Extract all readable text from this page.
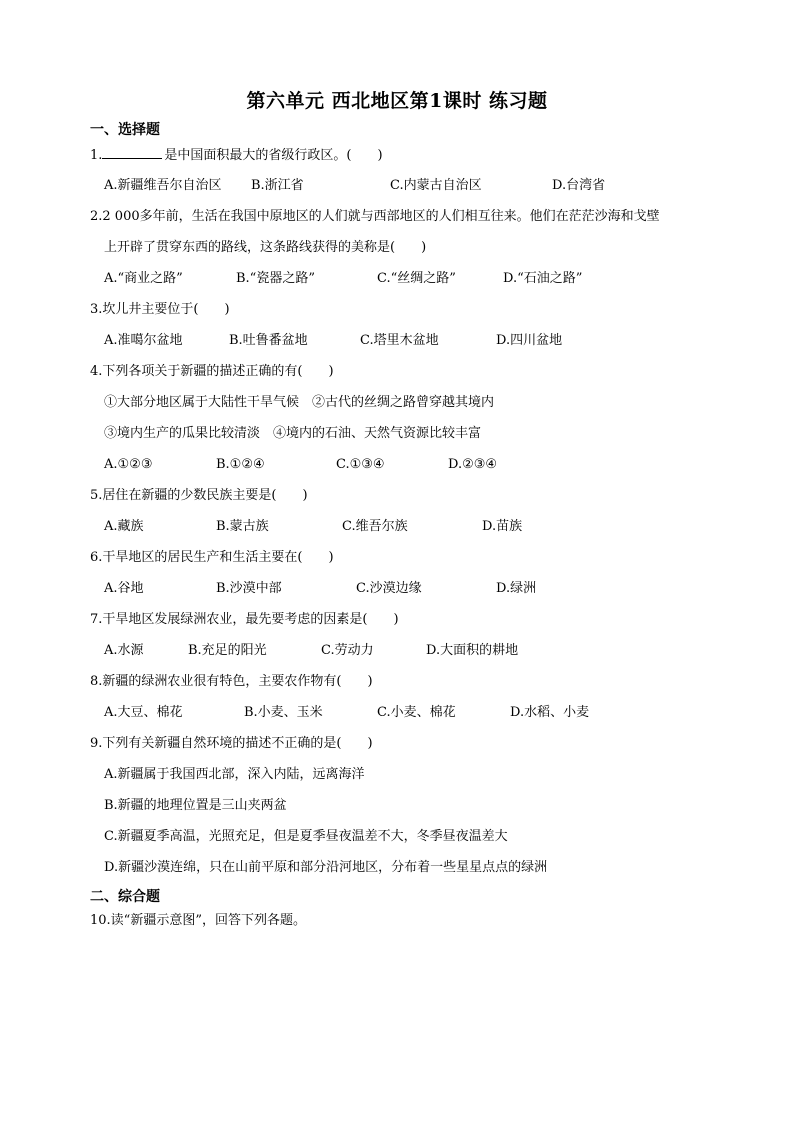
第六单元 西北地区第1课时 练习题
一、选择题
1.	是中国面积最大的省级行政区。(　　)
A.新疆维吾尔自治区 B.浙江省	C.内蒙古自治区	D.台湾省
2.2 000多年前，生活在我国中原地区的人们就与西部地区的人们相互往来。他们在茫茫沙海和戈壁
上开辟了贯穿东西的路线，这条路线获得的美称是(　　)
A.“商业之路”	B.“瓷器之路”	C.“丝绸之路”	D.“石油之路”
3.坎儿井主要位于(　　)
A.准噶尔盆地	B.吐鲁番盆地	C.塔里木盆地	D.四川盆地
4.下列各项关于新疆的描述正确的有(　　)
①大部分地区属于大陆性干旱气候　②古代的丝绸之路曾穿越其境内
③境内生产的瓜果比较清淡　④境内的石油、天然气资源比较丰富
A.①②③	B.①②④	C.①③④	D.②③④
5.居住在新疆的少数民族主要是(　　)
A.藏族	B.蒙古族	C.维吾尔族	D.苗族
6.干旱地区的居民生产和生活主要在(　　)
A.谷地	B.沙漠中部	C.沙漠边缘	D.绿洲
7.干旱地区发展绿洲农业，最先要考虑的因素是(　　)
A.水源	B.充足的阳光	C.劳动力	D.大面积的耕地
8.新疆的绿洲农业很有特色，主要农作物有(　　)
A.大豆、棉花	B.小麦、玉米	C.小麦、棉花	D.水稻、小麦
9.下列有关新疆自然环境的描述不正确的是(　　)
A.新疆属于我国西北部，深入内陆，远离海洋
B.新疆的地理位置是三山夹两盆
C.新疆夏季高温，光照充足，但是夏季昼夜温差不大，冬季昼夜温差大
D.新疆沙漠连绵，只在山前平原和部分沿河地区，分布着一些星星点点的绿洲
二、综合题
10.读“新疆示意图”，回答下列各题。
